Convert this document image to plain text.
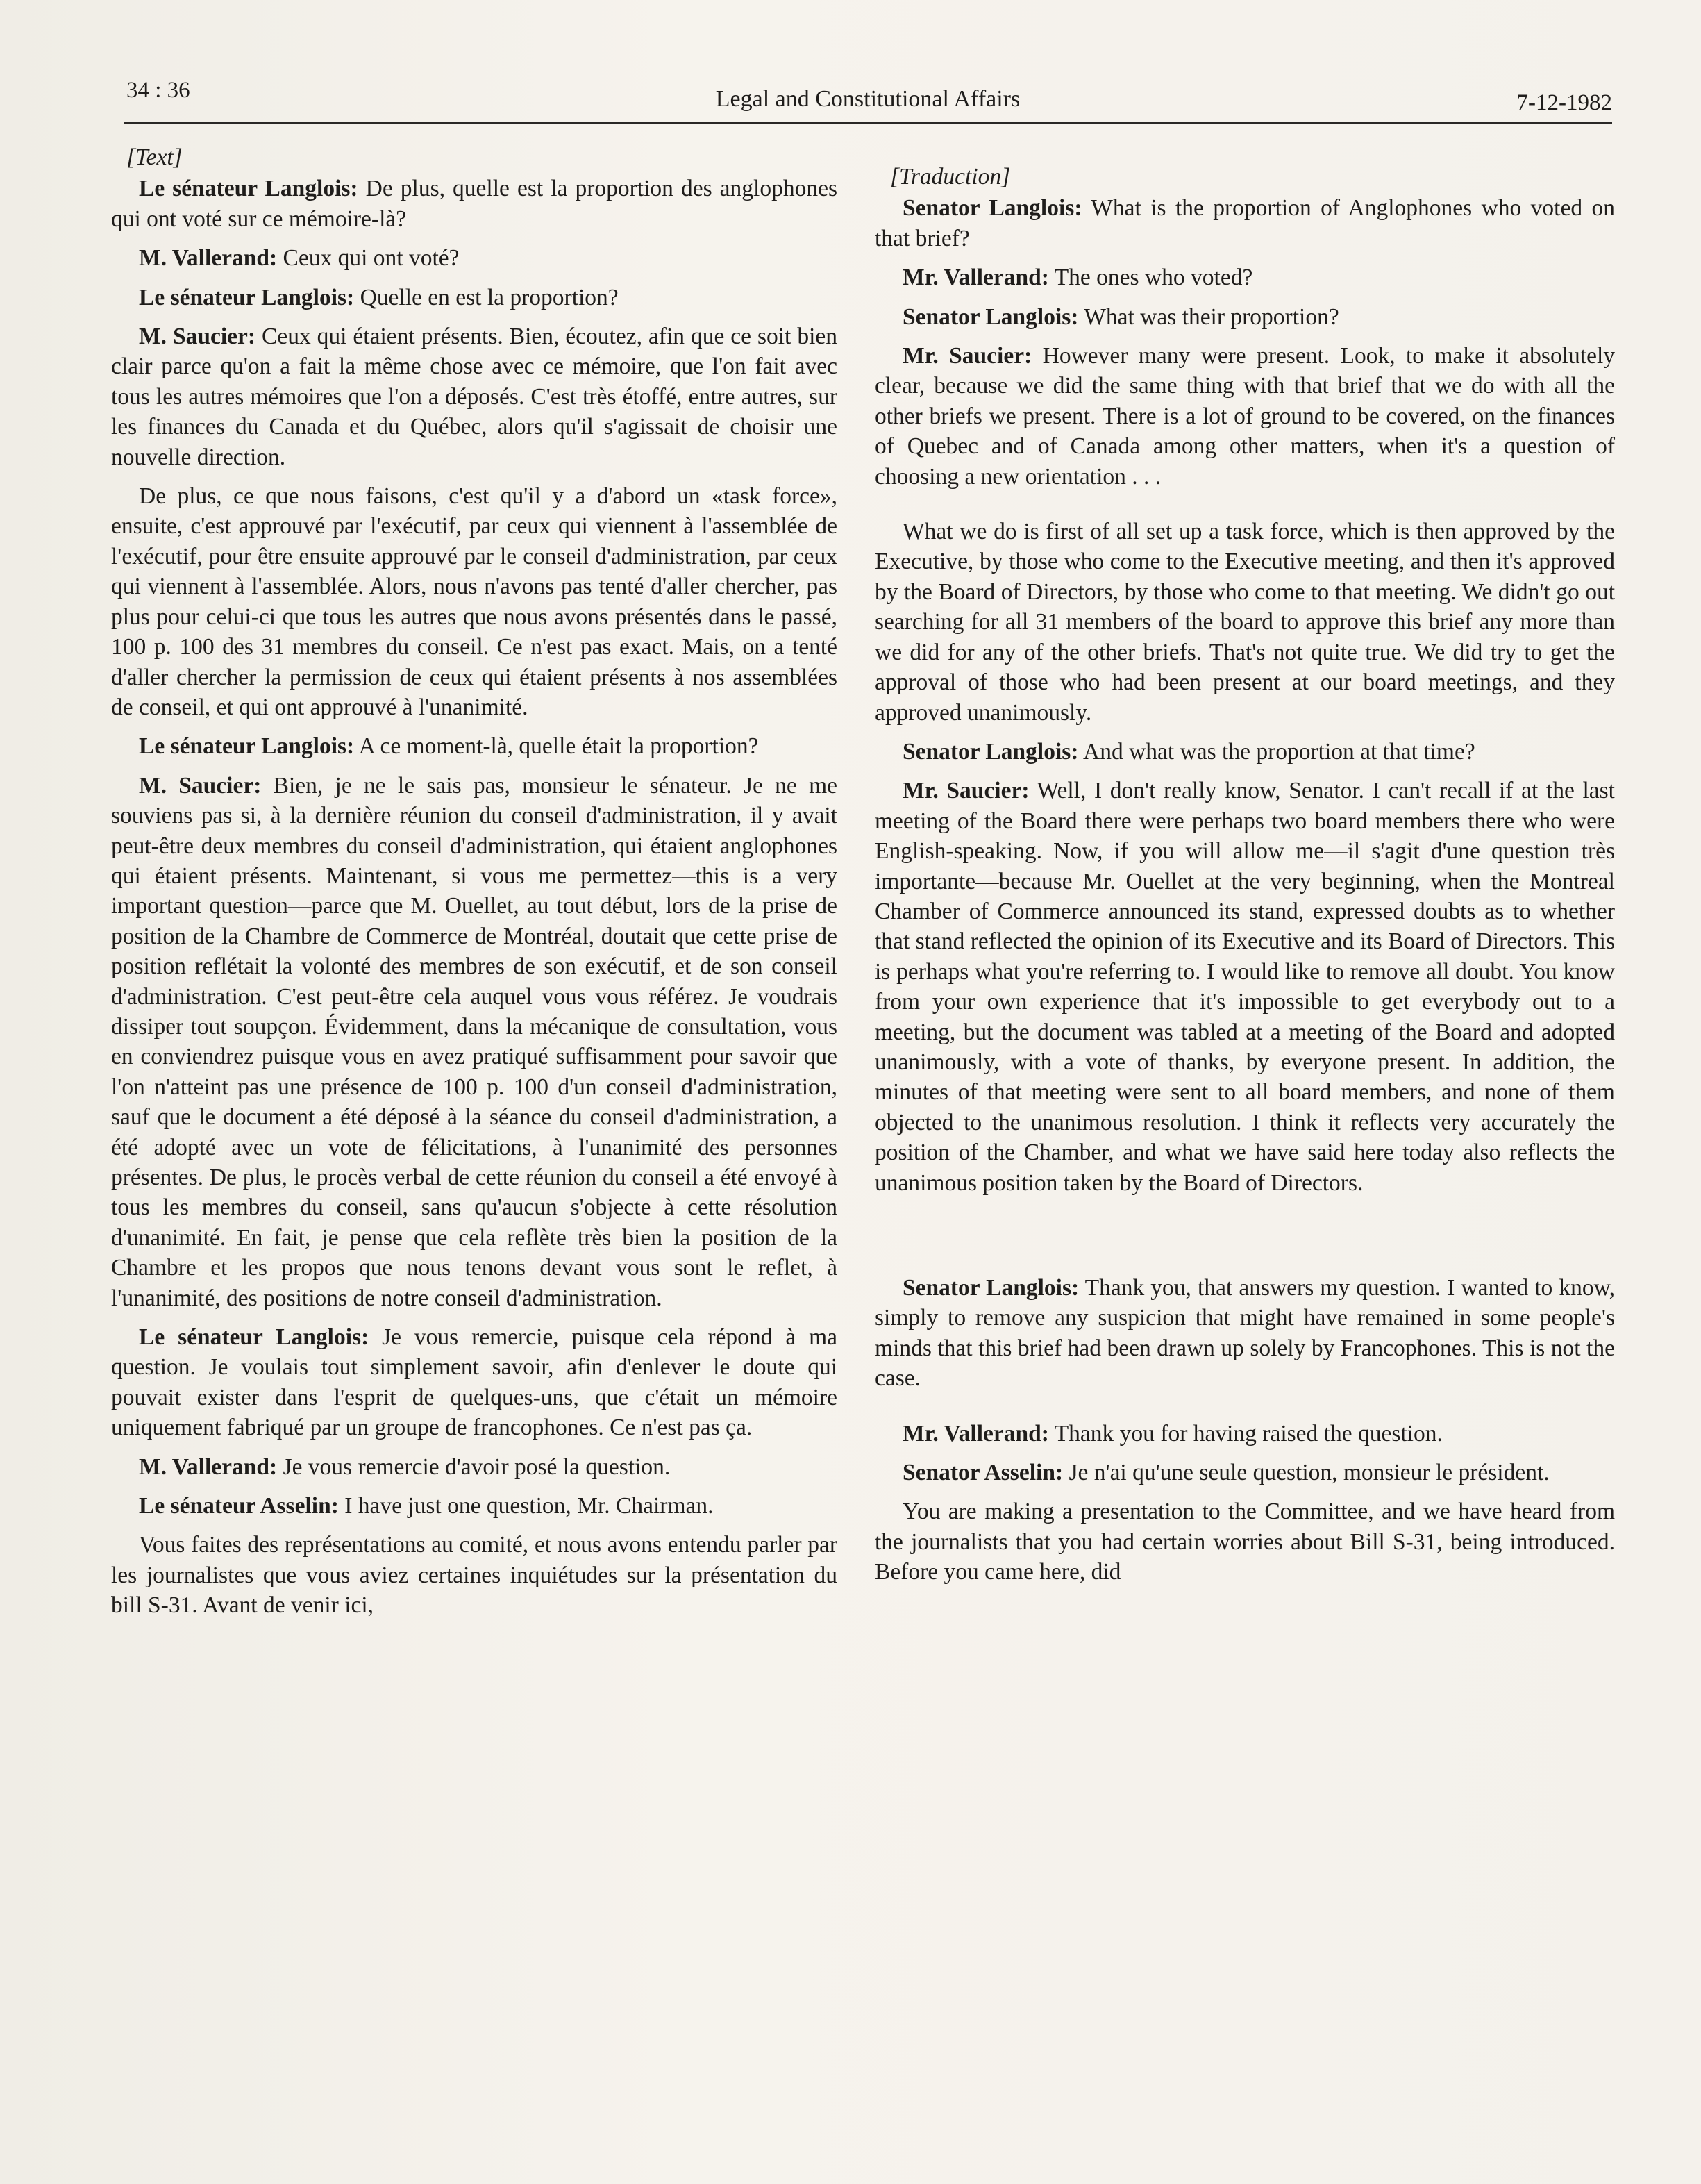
34 : 36	Legal and Constitutional Affairs	7-12-1982

[Text]

Le sénateur Langlois: De plus, quelle est la proportion des anglophones qui ont voté sur ce mémoire-là?

M. Vallerand: Ceux qui ont voté?

Le sénateur Langlois: Quelle en est la proportion?

M. Saucier: Ceux qui étaient présents. Bien, écoutez, afin que ce soit bien clair parce qu'on a fait la même chose avec ce mémoire, que l'on fait avec tous les autres mémoires que l'on a déposés. C'est très étoffé, entre autres, sur les finances du Canada et du Québec, alors qu'il s'agissait de choisir une nouvelle direction.

De plus, ce que nous faisons, c'est qu'il y a d'abord un «task force», ensuite, c'est approuvé par l'exécutif, par ceux qui viennent à l'assemblée de l'exécutif, pour être ensuite approuvé par le conseil d'administration, par ceux qui viennent à l'assemblée. Alors, nous n'avons pas tenté d'aller chercher, pas plus pour celui-ci que tous les autres que nous avons présentés dans le passé, 100 p. 100 des 31 membres du conseil. Ce n'est pas exact. Mais, on a tenté d'aller chercher la permission de ceux qui étaient présents à nos assemblées de conseil, et qui ont approuvé à l'unanimité.

Le sénateur Langlois: A ce moment-là, quelle était la proportion?

M. Saucier: Bien, je ne le sais pas, monsieur le sénateur. Je ne me souviens pas si, à la dernière réunion du conseil d'administration, il y avait peut-être deux membres du conseil d'administration, qui étaient anglophones qui étaient présents. Maintenant, si vous me permettez—this is a very important question—parce que M. Ouellet, au tout début, lors de la prise de position de la Chambre de Commerce de Montréal, doutait que cette prise de position reflétait la volonté des membres de son exécutif, et de son conseil d'administration. C'est peut-être cela auquel vous vous référez. Je voudrais dissiper tout soupçon. Évidemment, dans la mécanique de consultation, vous en conviendrez puisque vous en avez pratiqué suffisamment pour savoir que l'on n'atteint pas une présence de 100 p. 100 d'un conseil d'administration, sauf que le document a été déposé à la séance du conseil d'administration, a été adopté avec un vote de félicitations, à l'unanimité des personnes présentes. De plus, le procès verbal de cette réunion du conseil a été envoyé à tous les membres du conseil, sans qu'aucun s'objecte à cette résolution d'unanimité. En fait, je pense que cela reflète très bien la position de la Chambre et les propos que nous tenons devant vous sont le reflet, à l'unanimité, des positions de notre conseil d'administration.

Le sénateur Langlois: Je vous remercie, puisque cela répond à ma question. Je voulais tout simplement savoir, afin d'enlever le doute qui pouvait exister dans l'esprit de quelques-uns, que c'était un mémoire uniquement fabriqué par un groupe de francophones. Ce n'est pas ça.

M. Vallerand: Je vous remercie d'avoir posé la question.

Le sénateur Asselin: I have just one question, Mr. Chairman.

Vous faites des représentations au comité, et nous avons entendu parler par les journalistes que vous aviez certaines inquiétudes sur la présentation du bill S-31. Avant de venir ici,

[Traduction]

Senator Langlois: What is the proportion of Anglophones who voted on that brief?

Mr. Vallerand: The ones who voted?

Senator Langlois: What was their proportion?

Mr. Saucier: However many were present. Look, to make it absolutely clear, because we did the same thing with that brief that we do with all the other briefs we present. There is a lot of ground to be covered, on the finances of Quebec and of Canada among other matters, when it's a question of choosing a new orientation . . .

What we do is first of all set up a task force, which is then approved by the Executive, by those who come to the Executive meeting, and then it's approved by the Board of Directors, by those who come to that meeting. We didn't go out searching for all 31 members of the board to approve this brief any more than we did for any of the other briefs. That's not quite true. We did try to get the approval of those who had been present at our board meetings, and they approved unanimously.

Senator Langlois: And what was the proportion at that time?

Mr. Saucier: Well, I don't really know, Senator. I can't recall if at the last meeting of the Board there were perhaps two board members there who were English-speaking. Now, if you will allow me—il s'agit d'une question très importante—because Mr. Ouellet at the very beginning, when the Montreal Chamber of Commerce announced its stand, expressed doubts as to whether that stand reflected the opinion of its Executive and its Board of Directors. This is perhaps what you're referring to. I would like to remove all doubt. You know from your own experience that it's impossible to get everybody out to a meeting, but the document was tabled at a meeting of the Board and adopted unanimously, with a vote of thanks, by everyone present. In addition, the minutes of that meeting were sent to all board members, and none of them objected to the unanimous resolution. I think it reflects very accurately the position of the Chamber, and what we have said here today also reflects the unanimous position taken by the Board of Directors.

Senator Langlois: Thank you, that answers my question. I wanted to know, simply to remove any suspicion that might have remained in some people's minds that this brief had been drawn up solely by Francophones. This is not the case.

Mr. Vallerand: Thank you for having raised the question.

Senator Asselin: Je n'ai qu'une seule question, monsieur le président.

You are making a presentation to the Committee, and we have heard from the journalists that you had certain worries about Bill S-31, being introduced. Before you came here, did
